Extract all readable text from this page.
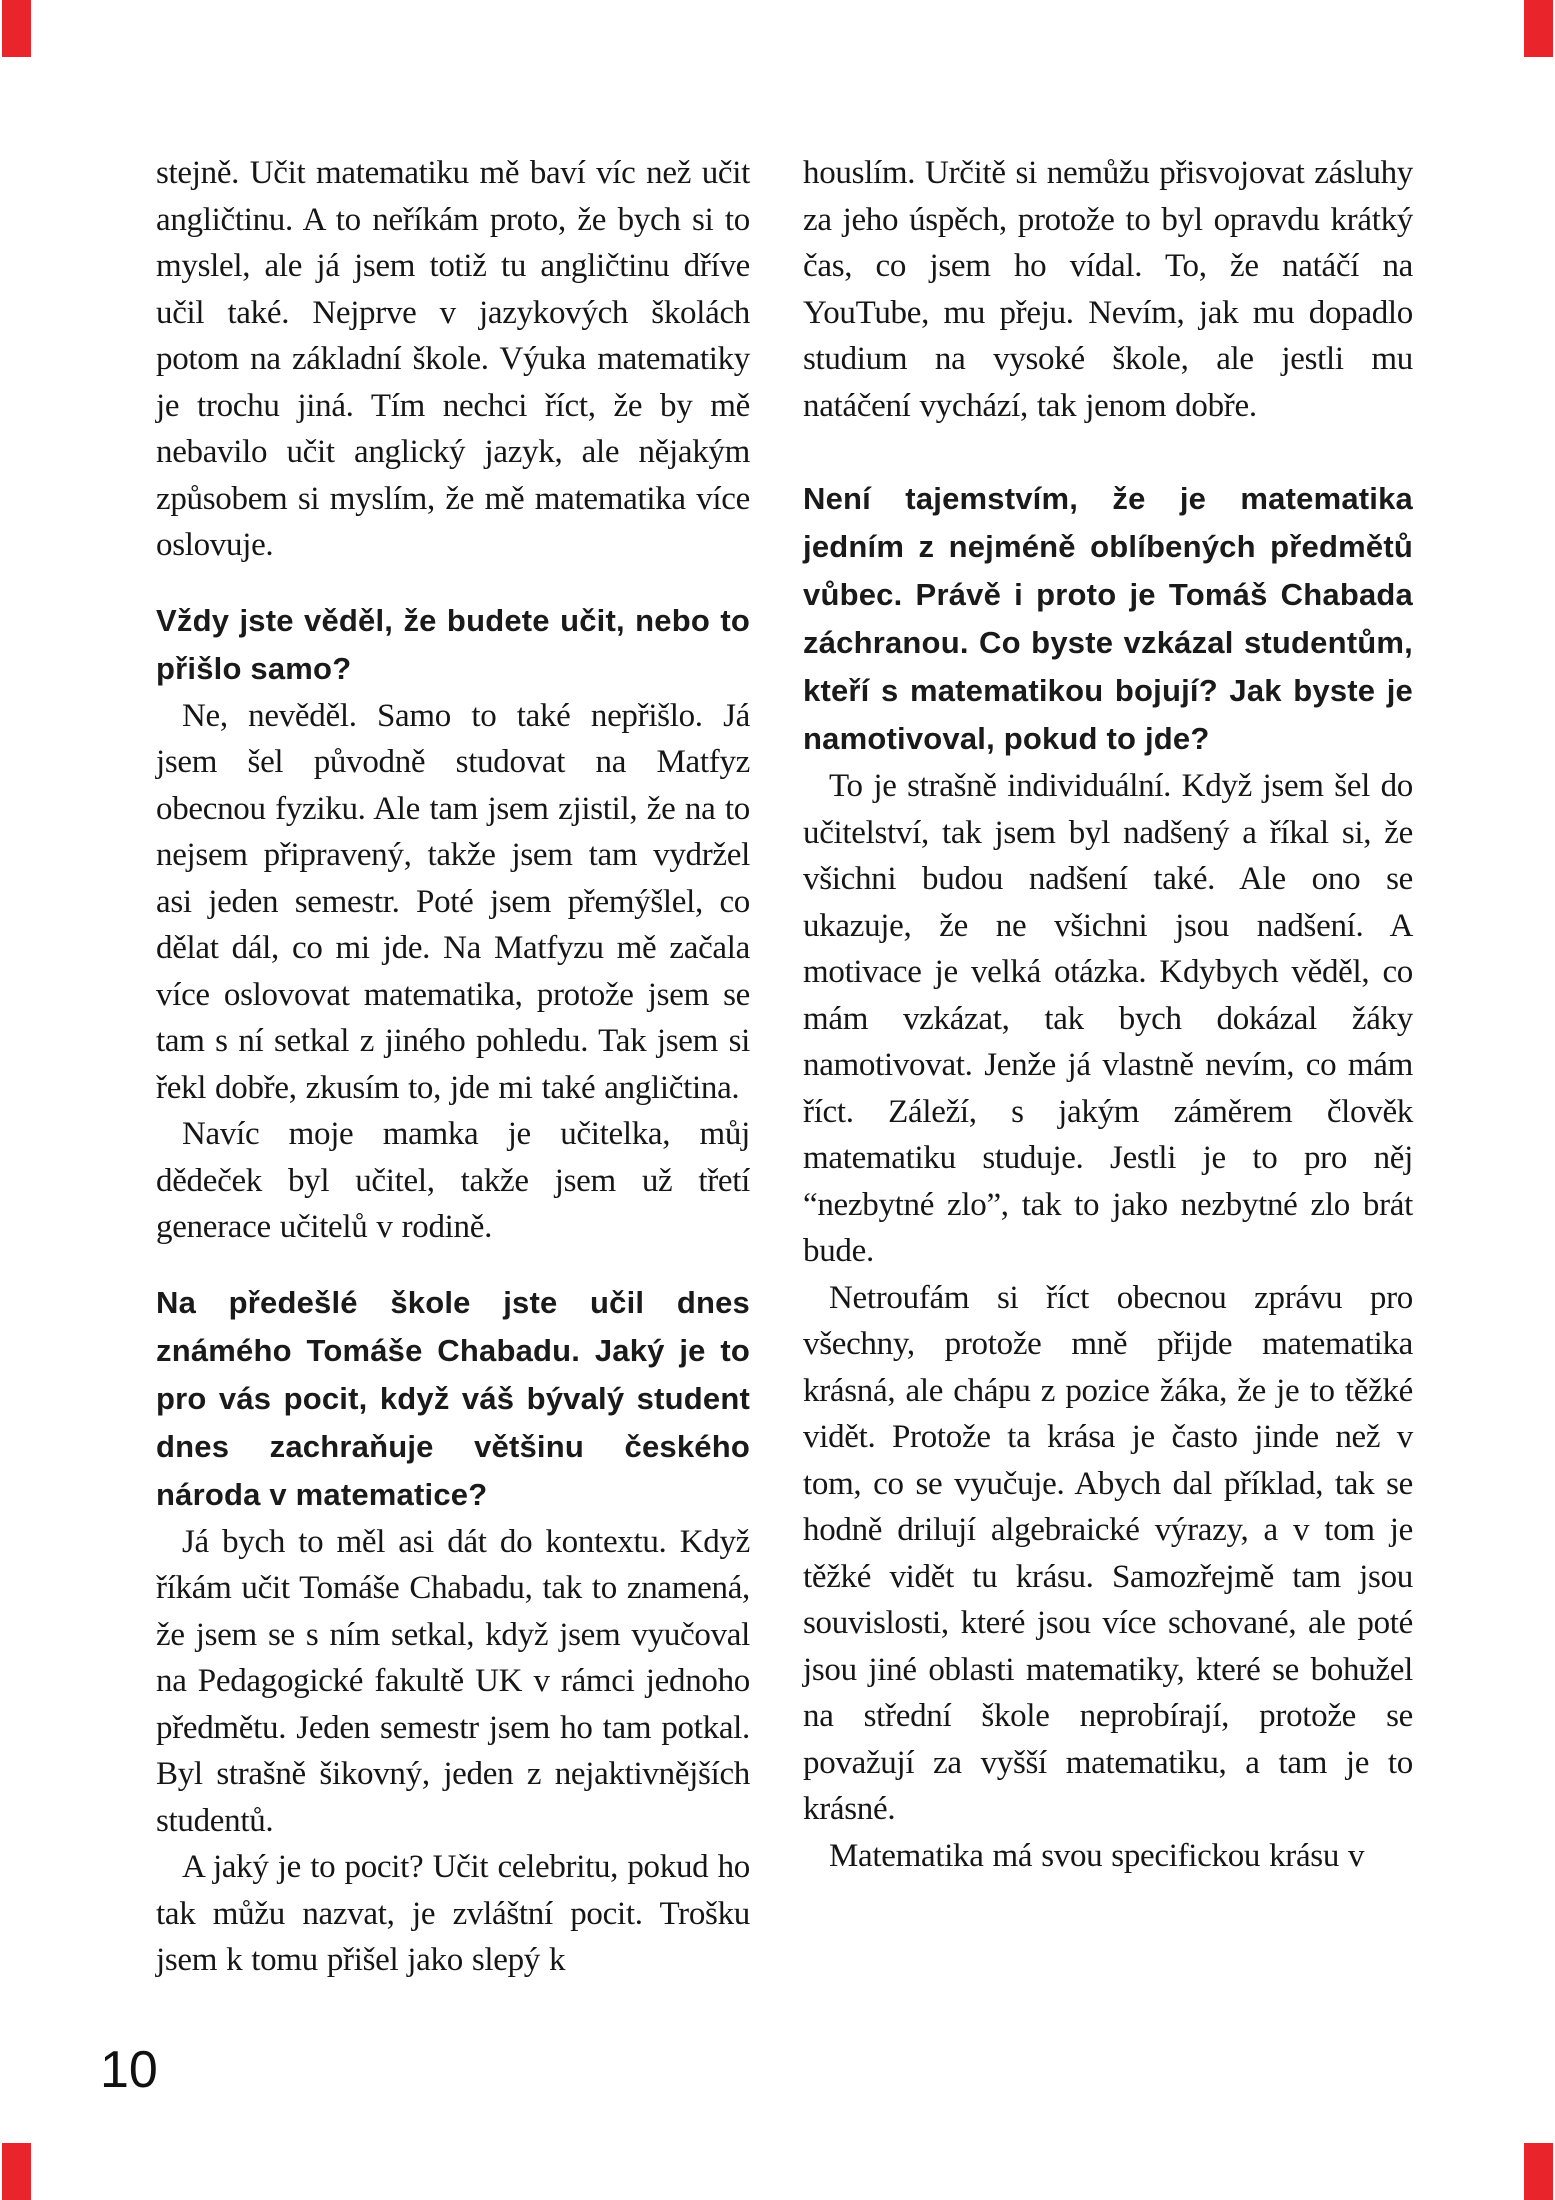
stejně. Učit matematiku mě baví víc než učit angličtinu. A to neříkám proto, že bych si to myslel, ale já jsem totiž tu angličtinu dříve učil také. Nejprve v jazykových školách potom na základní škole. Výuka matematiky je trochu jiná. Tím nechci říct, že by mě nebavilo učit anglický jazyk, ale nějakým způsobem si myslím, že mě matematika více oslovuje.

Vždy jste věděl, že budete učit, nebo to přišlo samo?

Ne, nevěděl. Samo to také nepřišlo. Já jsem šel původně studovat na Matfyz obecnou fyziku. Ale tam jsem zjistil, že na to nejsem připravený, takže jsem tam vydržel asi jeden semestr. Poté jsem přemýšlel, co dělat dál, co mi jde. Na Matfyzu mě začala více oslovovat matematika, protože jsem se tam s ní setkal z jiného pohledu. Tak jsem si řekl dobře, zkusím to, jde mi také angličtina.

Navíc moje mamka je učitelka, můj dědeček byl učitel, takže jsem už třetí generace učitelů v rodině.

Na předešlé škole jste učil dnes známého Tomáše Chabadu. Jaký je to pro vás pocit, když váš bývalý student dnes zachraňuje většinu českého národa v matematice?

Já bych to měl asi dát do kontextu. Když říkám učit Tomáše Chabadu, tak to znamená, že jsem se s ním setkal, když jsem vyučoval na Pedagogické fakultě UK v rámci jednoho předmětu. Jeden semestr jsem ho tam potkal. Byl strašně šikovný, jeden z nejaktivnějších studentů.

A jaký je to pocit? Učit celebritu, pokud ho tak můžu nazvat, je zvláštní pocit. Trošku jsem k tomu přišel jako slepý k

houslím. Určitě si nemůžu přisvojovat zásluhy za jeho úspěch, protože to byl opravdu krátký čas, co jsem ho vídal. To, že natáčí na YouTube, mu přeju. Nevím, jak mu dopadlo studium na vysoké škole, ale jestli mu natáčení vychází, tak jenom dobře.

Není tajemstvím, že je matematika jedním z nejméně oblíbených předmětů vůbec. Právě i proto je Tomáš Chabada záchranou. Co byste vzkázal studentům, kteří s matematikou bojují? Jak byste je namotivoval, pokud to jde?

To je strašně individuální. Když jsem šel do učitelství, tak jsem byl nadšený a říkal si, že všichni budou nadšení také. Ale ono se ukazuje, že ne všichni jsou nadšení. A motivace je velká otázka. Kdybych věděl, co mám vzkázat, tak bych dokázal žáky namotivovat. Jenže já vlastně nevím, co mám říct. Záleží, s jakým záměrem člověk matematiku studuje. Jestli je to pro něj “nezbytné zlo”, tak to jako nezbytné zlo brát bude.

Netroufám si říct obecnou zprávu pro všechny, protože mně přijde matematika krásná, ale chápu z pozice žáka, že je to těžké vidět. Protože ta krása je často jinde než v tom, co se vyučuje. Abych dal příklad, tak se hodně drilují algebraické výrazy, a v tom je těžké vidět tu krásu. Samozřejmě tam jsou souvislosti, které jsou více schované, ale poté jsou jiné oblasti matematiky, které se bohužel na střední škole neprobírají, protože se považují za vyšší matematiku, a tam je to krásné.

Matematika má svou specifickou krásu v

10
